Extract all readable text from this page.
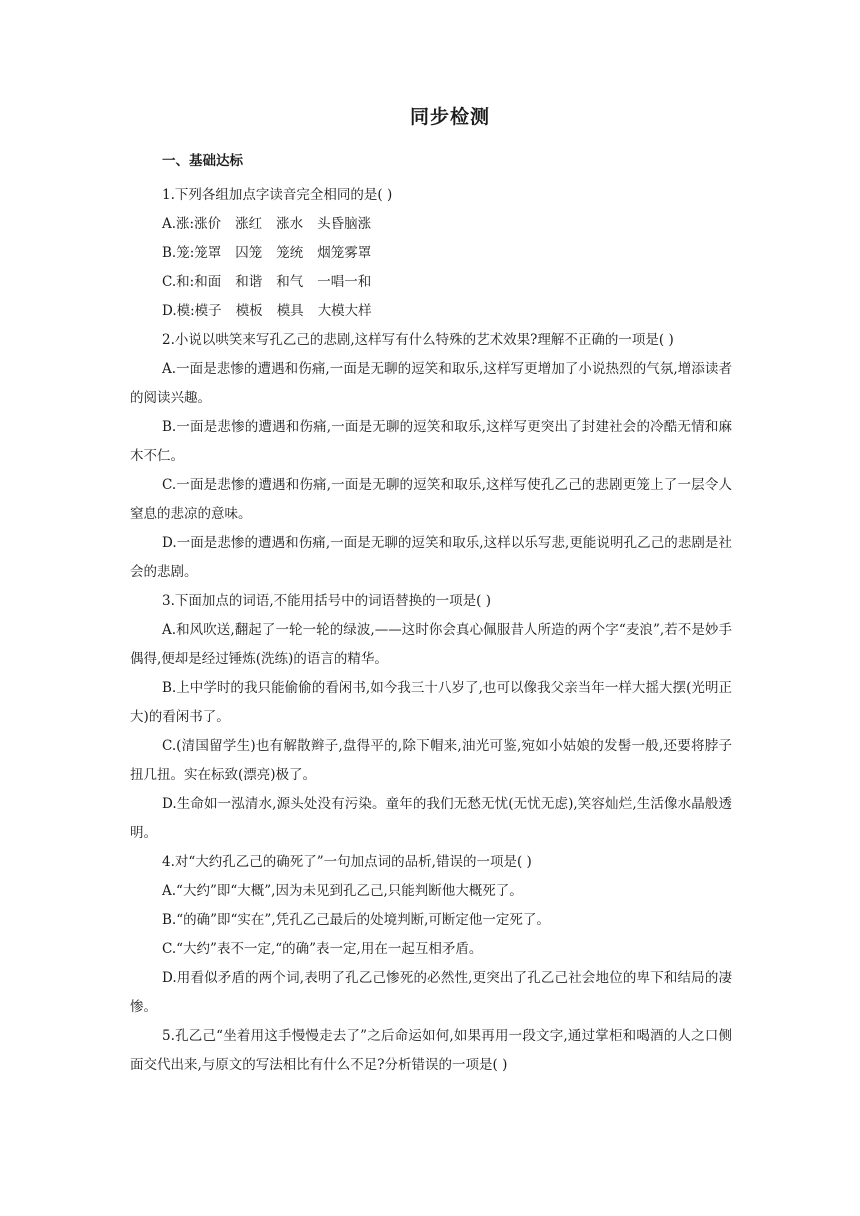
同步检测
一、基础达标

1.下列各组加点字读音完全相同的是( )

A.涨:涨价 涨红 涨水 头昏脑涨

B.笼:笼罩 囚笼 笼统 烟笼雾罩

C.和:和面 和谐 和气 一唱一和

D.模:模子 模板 模具 大模大样

2.小说以哄笑来写孔乙己的悲剧,这样写有什么特殊的艺术效果?理解不正确的一项是( )

A.一面是悲惨的遭遇和伤痛,一面是无聊的逗笑和取乐,这样写更增加了小说热烈的气氛,增添读者的阅读兴趣。

B.一面是悲惨的遭遇和伤痛,一面是无聊的逗笑和取乐,这样写更突出了封建社会的冷酷无情和麻木不仁。

C.一面是悲惨的遭遇和伤痛,一面是无聊的逗笑和取乐,这样写使孔乙己的悲剧更笼上了一层令人窒息的悲凉的意味。

D.一面是悲惨的遭遇和伤痛,一面是无聊的逗笑和取乐,这样以乐写悲,更能说明孔乙己的悲剧是社会的悲剧。

3.下面加点的词语,不能用括号中的词语替换的一项是( )

A.和风吹送,翻起了一轮一轮的绿波,——这时你会真心佩服昔人所造的两个字“麦浪”,若不是妙手偶得,便却是经过锤炼(洗练)的语言的精华。

B.上中学时的我只能偷偷的看闲书,如今我三十八岁了,也可以像我父亲当年一样大摇大摆(光明正大)的看闲书了。

C.(清国留学生)也有解散辫子,盘得平的,除下帽来,油光可鉴,宛如小姑娘的发髻一般,还要将脖子扭几扭。实在标致(漂亮)极了。

D.生命如一泓清水,源头处没有污染。童年的我们无愁无忧(无忧无虑),笑容灿烂,生活像水晶般透明。

4.对“大约孔乙己的确死了”一句加点词的品析,错误的一项是( )

A.“大约”即“大概”,因为未见到孔乙己,只能判断他大概死了。

B.“的确”即“实在”,凭孔乙己最后的处境判断,可断定他一定死了。

C.“大约”表不一定,“的确”表一定,用在一起互相矛盾。

D.用看似矛盾的两个词,表明了孔乙己惨死的必然性,更突出了孔乙己社会地位的卑下和结局的凄惨。

5.孔乙己“坐着用这手慢慢走去了”之后命运如何,如果再用一段文字,通过掌柜和喝酒的人之口侧面交代出来,与原文的写法相比有什么不足?分析错误的一项是( )
